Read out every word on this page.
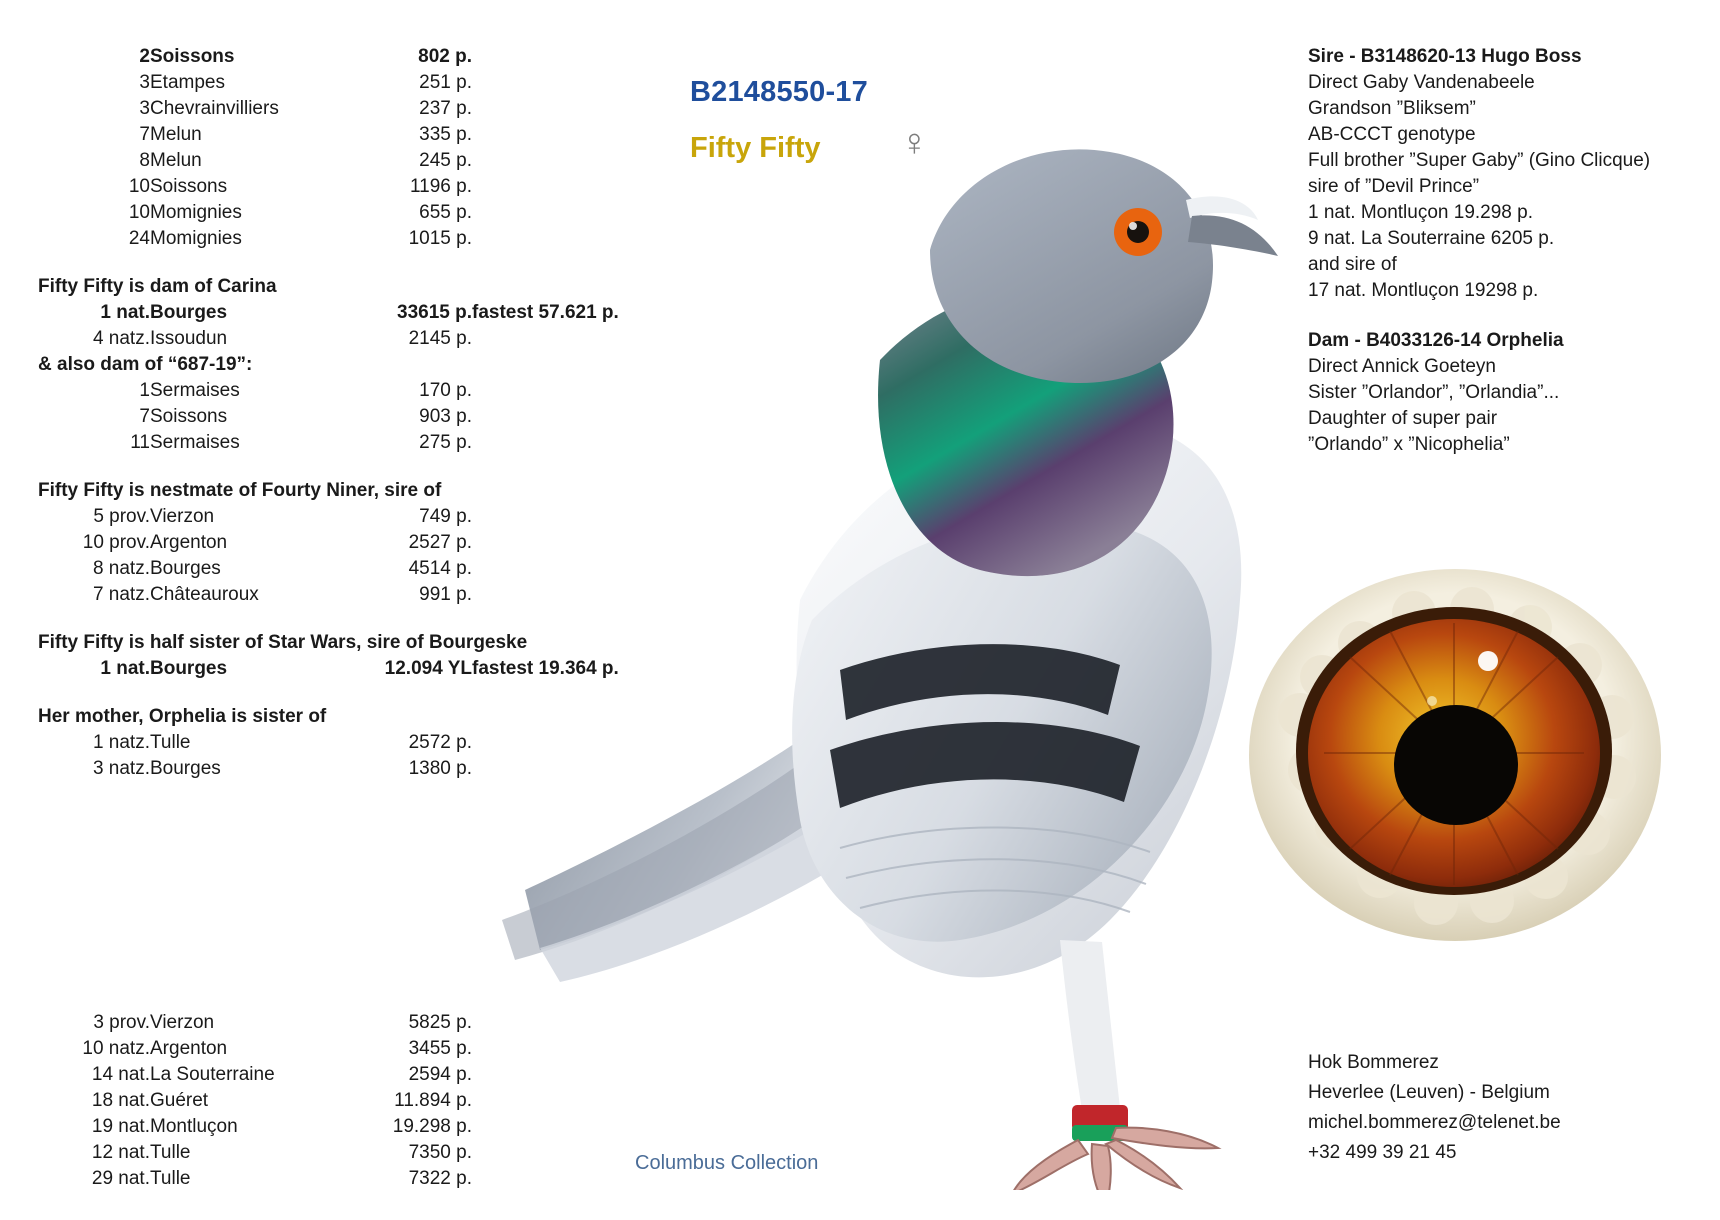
2	Soissons	802 p.
3	Etampes	251 p.
3	Chevrainvilliers	237 p.
7	Melun	335 p.
8	Melun	245 p.
10	Soissons	1196 p.
10	Momignies	655 p.
24	Momignies	1015 p.
Fifty Fifty is dam of Carina
1 nat.	Bourges	33615 p.	fastest 57.621 p.
4 natz.	Issoudun	2145 p.	
& also dam of “687-19”:
1	Sermaises	170 p.
7	Soissons	903 p.
11	Sermaises	275 p.
Fifty Fifty is nestmate of Fourty Niner, sire of
5 prov.	Vierzon	749 p.
10 prov.	Argenton	2527 p.
8 natz.	Bourges	4514 p.
7 natz.	Châteauroux	991 p.
Fifty Fifty is half sister of Star Wars, sire of Bourgeske
1 nat.	Bourges	12.094 YL	fastest 19.364 p.
Her mother, Orphelia is sister of
1 natz.	Tulle	2572 p.
3 natz.	Bourges	1380 p.
3 prov.	Vierzon	5825 p.
10 natz.	Argenton	3455 p.
14 nat.	La Souterraine	2594 p.
18 nat.	Guéret	11.894 p.
19 nat.	Montluçon	19.298 p.
12 nat.	Tulle	7350 p.
29 nat.	Tulle	7322 p.
B2148550-17
Fifty Fifty ♀
Columbus Collection
Sire - B3148620-13 Hugo Boss
Direct Gaby Vandenabeele
Grandson ”Bliksem”
AB-CCCT genotype
Full brother ”Super Gaby” (Gino Clicque)
sire of ”Devil Prince”
1 nat. Montluçon 19.298 p.
9 nat. La Souterraine 6205 p.
and sire of
17 nat. Montluçon 19298 p.
Dam - B4033126-14 Orphelia
Direct Annick Goeteyn
Sister ”Orlandor”, ”Orlandia”...
Daughter of super pair
”Orlando” x ”Nicophelia”
Hok Bommerez
Heverlee (Leuven) - Belgium
michel.bommerez@telenet.be
+32 499 39 21 45
